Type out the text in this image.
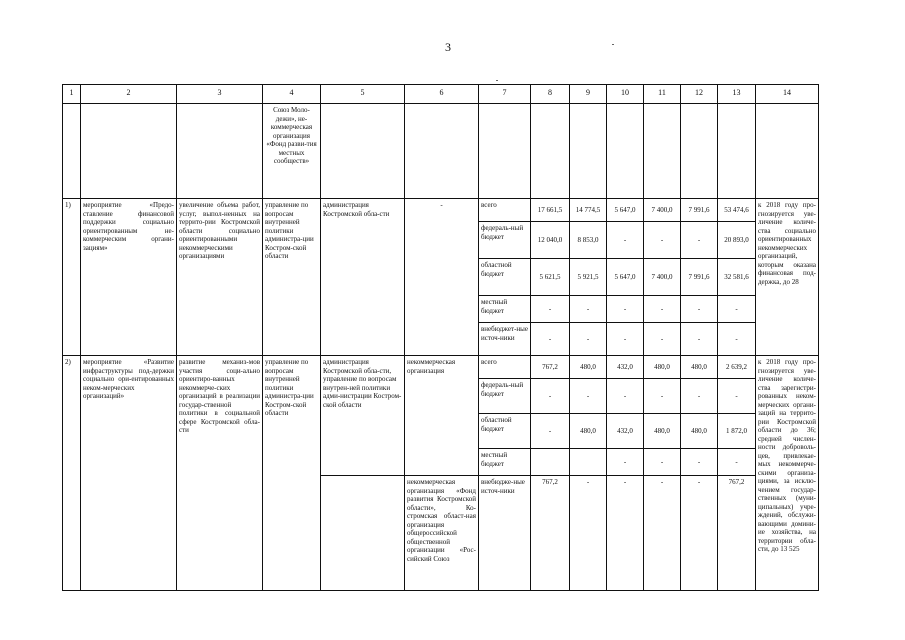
3
1	2	3	4	5	6	7	8	9	10	11	12	13	14
			Союз Моло-дежи», не-коммерческая организация «Фонд разви-тия местных сообществ»										
1)	мероприятие «Предо-ставление финансовой поддержки социально ориентированным не-коммерческим органи-зациям»	увеличение объема работ, услуг, выпол-ненных на террито-рии Костромской области социально ориентированными некоммерческими организациями	управление по вопросам внутренней политики администра-ции Костром-ской области	администрация Костромской обла-сти	-	всего	17 661,5	14 774,5	5 647,0	7 400,0	7 991,6	53 474,6	к 2018 году про-гнозируется уве-личение количе-ства социально ориентированных некоммерческих организаций, которым оказана финансовая под-держка, до 28
						федераль-ный бюджет	12 040,0	8 853,0	-	-	-	20 893,0	
						областной бюджет	5 621,5	5 921,5	5 647,0	7 400,0	7 991,6	32 581,6	
						местный бюджет	-	-	-	-	-	-	
						внебюджет-ные источ-ники	-	-	-	-	-	-	
2)	мероприятие «Развитие инфраструктуры под-держки социально ори-ентированных неком-мерческих организаций»	развитие механиз-мов участия соци-ально ориентиро-ванных некоммерче-ских организаций в реализации государ-ственной политики в социальной сфере Костромской обла-сти	управление по вопросам внутренней политики администра-ции Костром-ской области	администрация Костромской обла-сти, управление по вопросам внутрен-ней политики адми-нистрации Костром-ской области	некоммерческая организация	всего	767,2	480,0	432,0	480,0	480,0	2 639,2	к 2018 году про-гнозируется уве-личение количе-ства зарегистри-рованных неком-мерческих органи-заций на террито-рии Костромской области до 36; средней числен-ности доброволь-цев, привлекае-мых некоммерче-скими организа-циями, за исклю-чением государ-ственных (муни-ципальных) учре-ждений, обслужи-вающими домини-ие хозяйства, на территории обла-сти, до 13 525
						федераль-ный бюджет	-	-	-	-	-	-	
						областной бюджет	-	480,0	432,0	480,0	480,0	1 872,0	
						местный бюджет			-	-	-	-	
					некоммерческая организация «Фонд развития Костромской области», Ко-стромская област-ная организация общероссийской общественной организации «Рос-сийский Союз	внебюдже-ные источ-ники	767,2	-	-	-	-	767,2	
